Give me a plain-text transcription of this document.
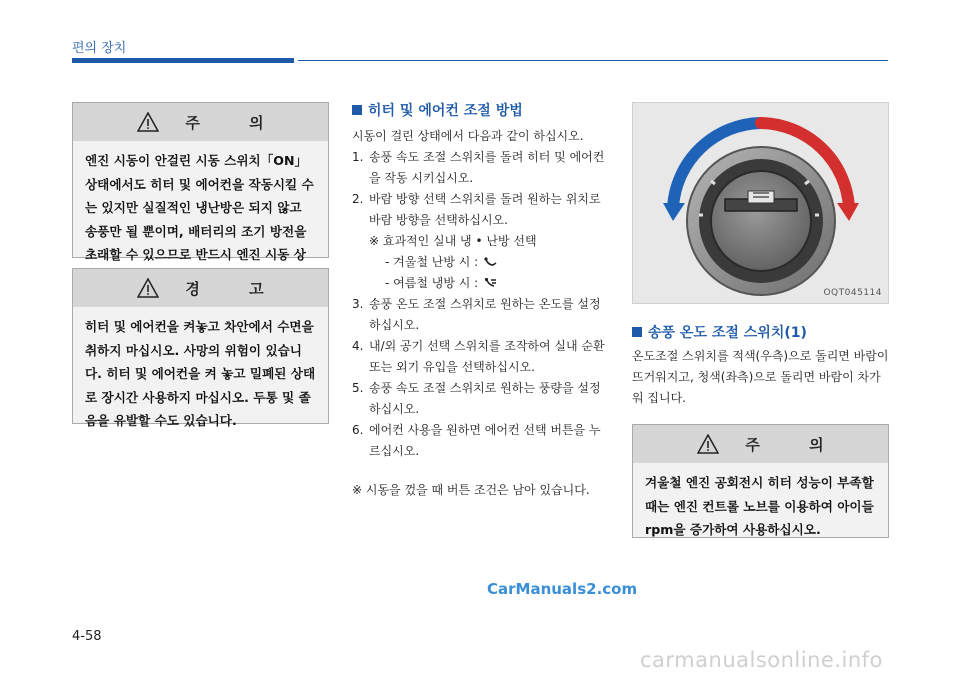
편의 장치
주 의
엔진 시동이 안걸린 시동 스위치「ON」상태에서도 히터 및 에어컨을 작동시킬 수는 있지만 실질적인 냉난방은 되지 않고 송풍만 될 뿐이며, 배터리의 조기 방전을 초래할 수 있으므로 반드시 엔진 시동 상
경 고
히터 및 에어컨을 켜놓고 차안에서 수면을 취하지 마십시오. 사망의 위험이 있습니다. 히터 및 에어컨을 켜 놓고 밀폐된 상태로 장시간 사용하지 마십시오. 두통 및 졸음을 유발할 수도 있습니다.
히터 및 에어컨 조절 방법

시동이 걸린 상태에서 다음과 같이 하십시오.

1. 송풍 속도 조절 스위치를 돌려 히터 및 에어컨을 작동 시키십시오.
2. 바람 방향 선택 스위치를 돌려 원하는 위치로 바람 방향을 선택하십시오.
※ 효과적인 실내 냉 • 난방 선택
- 겨울철 난방 시 :
- 여름철 냉방 시 :
3. 송풍 온도 조절 스위치로 원하는 온도를 설정하십시오.
4. 내/외 공기 선택 스위치를 조작하여 실내 순환 또는 외기 유입을 선택하십시오.
5. 송풍 속도 조절 스위치로 원하는 풍량을 설정하십시오.
6. 에어컨 사용을 원하면 에어컨 선택 버튼을 누르십시오.

※ 시동을 껐을 때 버튼 조건은 남아 있습니다.

OQT045114
송풍 온도 조절 스위치(1)
온도조절 스위치를 적색(우측)으로 돌리면 바람이 뜨거워지고, 청색(좌측)으로 돌리면 바람이 차가워 집니다.
주 의
겨울철 엔진 공회전시 히터 성능이 부족할 때는 엔진 컨트롤 노브를 이용하여 아이들 rpm을 증가하여 사용하십시오.
CarManuals2.com
4-58
carmanualsonline.info
